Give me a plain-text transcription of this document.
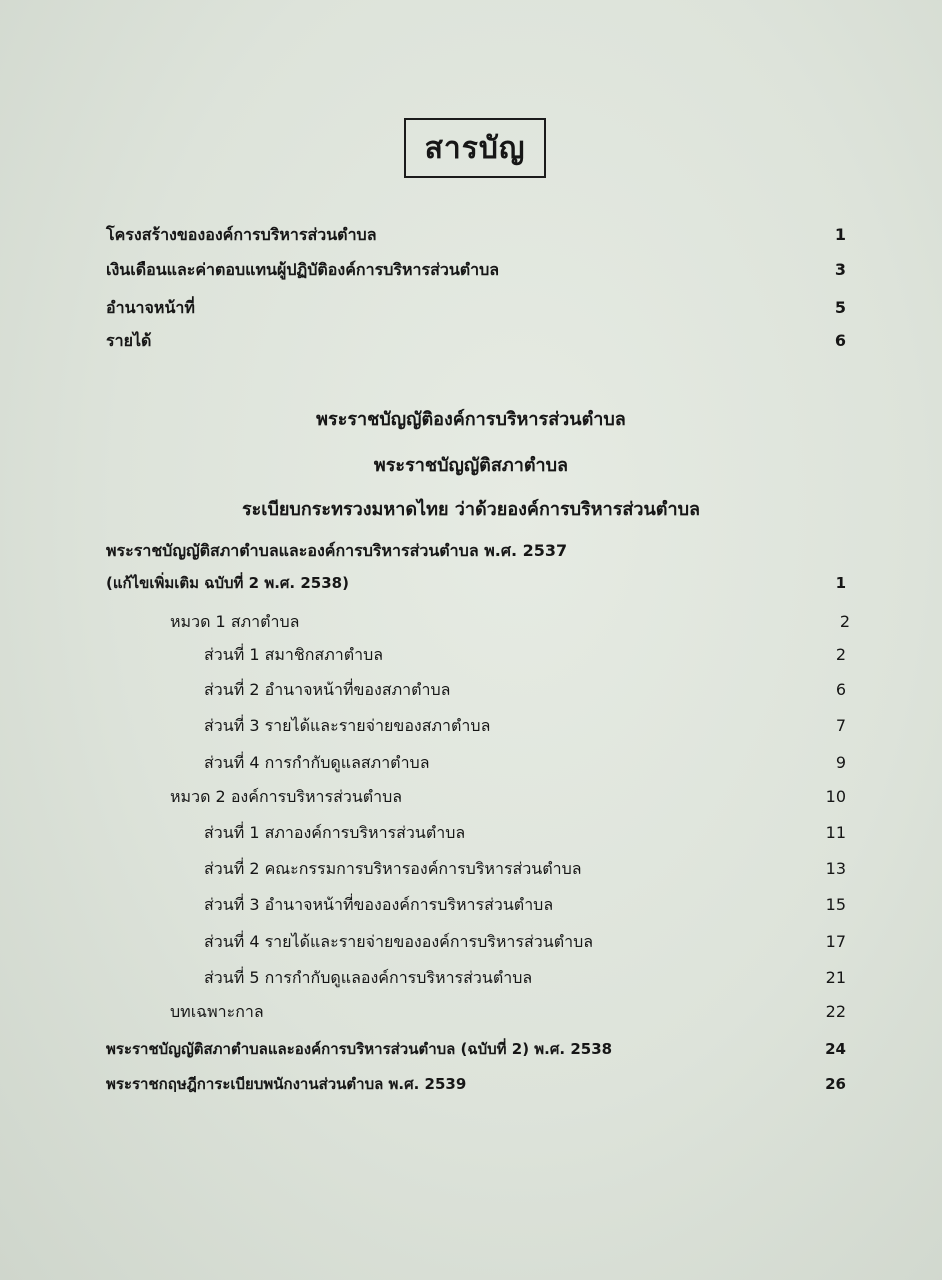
สารบัญ
โครงสร้างขององค์การบริหารส่วนตำบล	1
เงินเดือนและค่าตอบแทนผู้ปฏิบัติองค์การบริหารส่วนตำบล	3
อำนาจหน้าที่	5
รายได้	6
พระราชบัญญัติองค์การบริหารส่วนตำบล
พระราชบัญญัติสภาตำบล
ระเบียบกระทรวงมหาดไทย ว่าด้วยองค์การบริหารส่วนตำบล
พระราชบัญญัติสภาตำบลและองค์การบริหารส่วนตำบล พ.ศ. 2537
(แก้ไขเพิ่มเติม ฉบับที่ 2 พ.ศ. 2538)	1
หมวด 1 สภาตำบล	2
ส่วนที่ 1 สมาชิกสภาตำบล	2
ส่วนที่ 2 อำนาจหน้าที่ของสภาตำบล	6
ส่วนที่ 3 รายได้และรายจ่ายของสภาตำบล	7
ส่วนที่ 4 การกำกับดูแลสภาตำบล	9
หมวด 2 องค์การบริหารส่วนตำบล	10
ส่วนที่ 1 สภาองค์การบริหารส่วนตำบล	11
ส่วนที่ 2 คณะกรรมการบริหารองค์การบริหารส่วนตำบล	13
ส่วนที่ 3 อำนาจหน้าที่ขององค์การบริหารส่วนตำบล	15
ส่วนที่ 4 รายได้และรายจ่ายขององค์การบริหารส่วนตำบล	17
ส่วนที่ 5 การกำกับดูแลองค์การบริหารส่วนตำบล	21
บทเฉพาะกาล	22
พระราชบัญญัติสภาตำบลและองค์การบริหารส่วนตำบล (ฉบับที่ 2) พ.ศ. 2538	24
พระราชกฤษฎีการะเบียบพนักงานส่วนตำบล พ.ศ. 2539	26
